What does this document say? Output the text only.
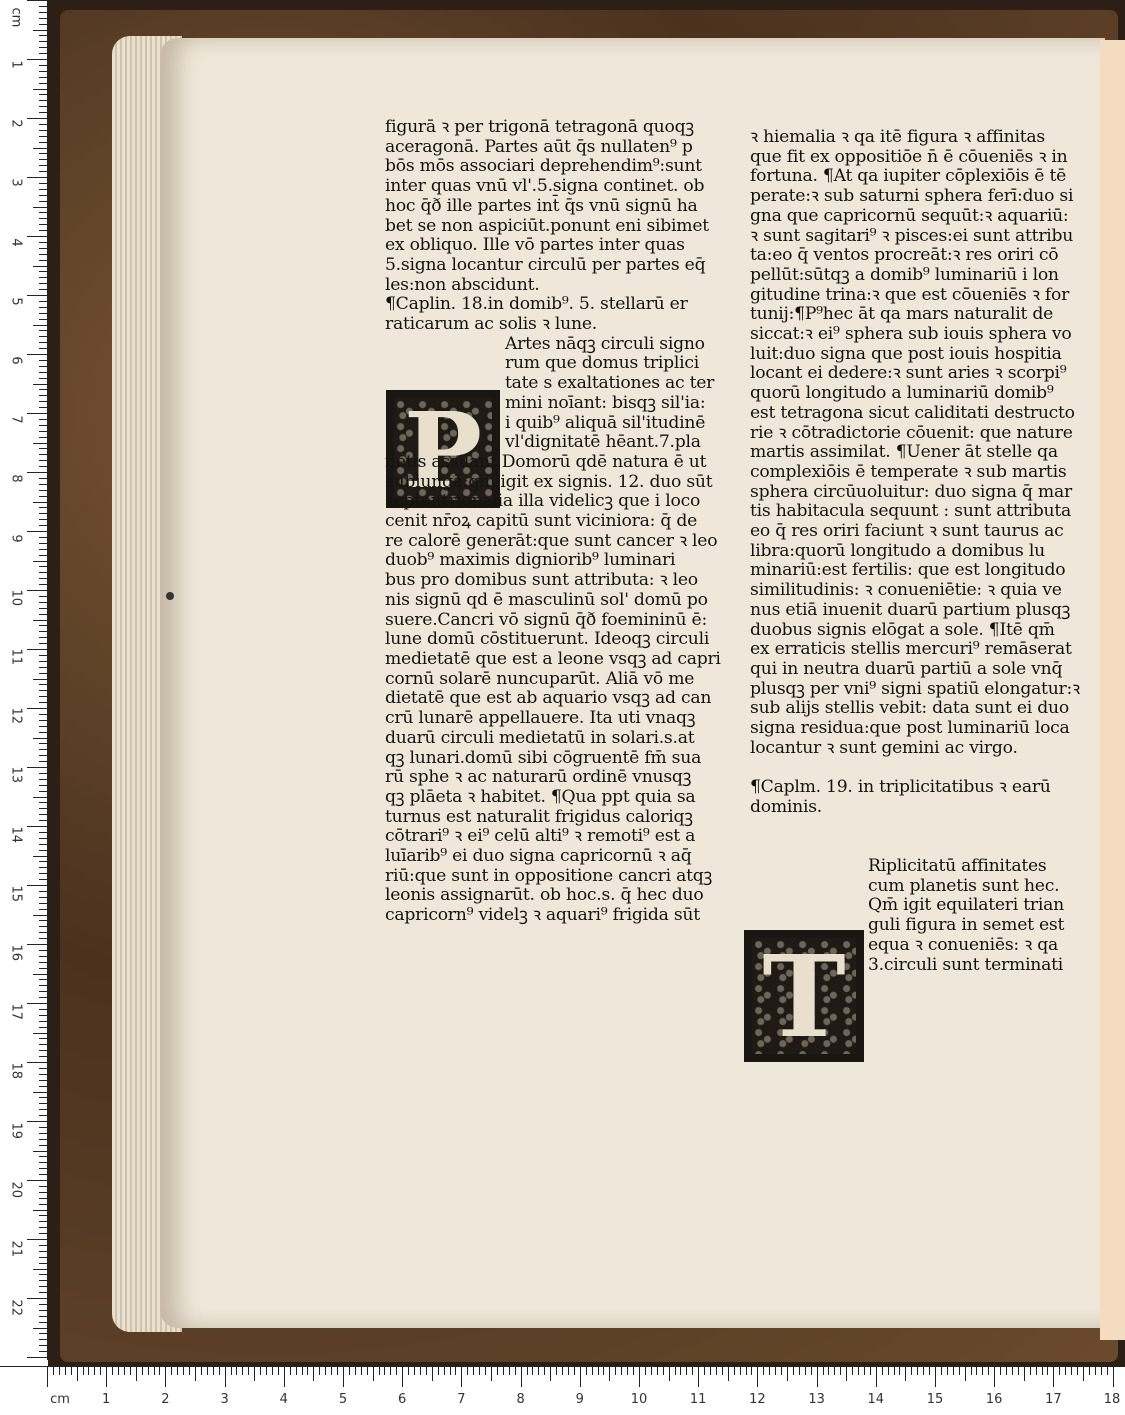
P
T
figurā ꝛ per trigonā tetragonā quoqꝫ
aceragonā. Partes aūt q̄s nullaten⁹ p
bōs mōs associari deprehendim⁹:sunt
inter quas vnū vl'.5.signa continet. ob
hoc q̄ð ille partes int̄ q̄s vnū signū ha
bet se non aspiciūt.ponunt eni sibimet
ex obliquo. Ille vō partes inter quas
5.signa locantur circulū per partes eq̄
les:non abscidunt.
¶Caplin. 18.in domib⁹. 5. stellarū er
raticarum ac solis ꝛ lune.
Artes nāqꝫ circuli signo
rum que domus triplici
tate s exaltationes ac ter
mini noīant: bisqꝫ sil'ia:
i quib⁹ aliquā sil'itudinē
vl'dignitatē hēant.7.pla
netis assilant Domorū qdē natura ē ut
subiungā:qm̄ igit ex signis. 12. duo sūt
septentrionalia illa videlicꝫ que i loco
cenit nr̄oꝝ capitū sunt viciniora: q̄ de
re calorē generāt:que sunt cancer ꝛ leo
duob⁹ maximis digniorib⁹ luminari
bus pro domibus sunt attributa: ꝛ leo
nis signū qd ē masculinū sol' domū po
suere.Cancri vō signū q̄ð foemininū ē:
lune domū cōstituerunt. Ideoqꝫ circuli
medietatē que est a leone vsqꝫ ad capri
cornū solarē nuncuparūt. Aliā vō me
dietatē que est ab aquario vsqꝫ ad can
crū lunarē appellauere. Ita uti vnaqꝫ
duarū circuli medietatū in solari.s.at
qꝫ lunari.domū sibi cōgruentē fm̄ sua
rū sphe ꝛ ac naturarū ordinē vnusqꝫ
qꝫ plāeta ꝛ habitet. ¶Qua ppt quia sa
turnus est naturalit frigidus caloriqꝫ
cōtrari⁹ ꝛ ei⁹ celū alti⁹ ꝛ remoti⁹ est a
luīarib⁹ ei duo signa capricornū ꝛ aq̄
riū:que sunt in oppositione cancri atqꝫ
leonis assignarūt. ob hoc.s. q̄ hec duo
capricorn⁹ videlꝫ ꝛ aquari⁹ frigida sūt
ꝛ hiemalia ꝛ qa itē figura ꝛ affinitas
que fit ex oppositiōe n̄ ē cōueniēs ꝛ in
fortuna. ¶At qa iupiter cōplexiōis ē tē
perate:ꝛ sub saturni sphera ferī:duo si
gna que capricornū sequūt:ꝛ aquariū:
ꝛ sunt sagitari⁹ ꝛ pisces:ei sunt attribu
ta:eo q̄ ventos procreāt:ꝛ res oriri cō
pellūt:sūtqꝫ a domib⁹ luminariū i lon
gitudine trina:ꝛ que est cōueniēs ꝛ for
tunij:¶P⁹hec āt qa mars naturalit de
siccat:ꝛ ei⁹ sphera sub iouis sphera vo
luit:duo signa que post iouis hospitia
locant ei dedere:ꝛ sunt aries ꝛ scorpi⁹
quorū longitudo a luminariū domib⁹
est tetragona sicut caliditati destructo
rie ꝛ cōtradictorie cōuenit: que nature
martis assimilat. ¶Uener āt stelle qa
complexiōis ē temperate ꝛ sub martis
sphera circūuoluitur: duo signa q̄ mar
tis habitacula sequunt : sunt attributa
eo q̄ res oriri faciunt ꝛ sunt taurus ac
libra:quorū longitudo a domibus lu
minariū:est fertilis: que est longitudo
similitudinis: ꝛ conueniētie: ꝛ quia ve
nus etiā inuenit duarū partium plusqꝫ
duobus signis elōgat a sole. ¶Itē qm̄
ex erraticis stellis mercuri⁹ remāserat
qui in neutra duarū partiū a sole vnq̄
plusqꝫ per vni⁹ signi spatiū elongatur:ꝛ
sub alijs stellis vebit: data sunt ei duo
signa residua:que post luminariū loca
locantur ꝛ sunt gemini ac virgo.

¶Caplm. 19. in triplicitatibus ꝛ earū
dominis.

Riplicitatū affinitates
cum planetis sunt hec.
Qm̄ igit equilateri trian
guli figura in semet est
equa ꝛ conueniēs: ꝛ qa
3.circuli sunt terminati
1	2	3	4	5	6	7	8	9	10	11	12	13	14	15	16	17	18
1
2
3
4
5
6
7
8
9
10
11
12
13
14
15
16
17
18
19
20
21
22
cm
cm
